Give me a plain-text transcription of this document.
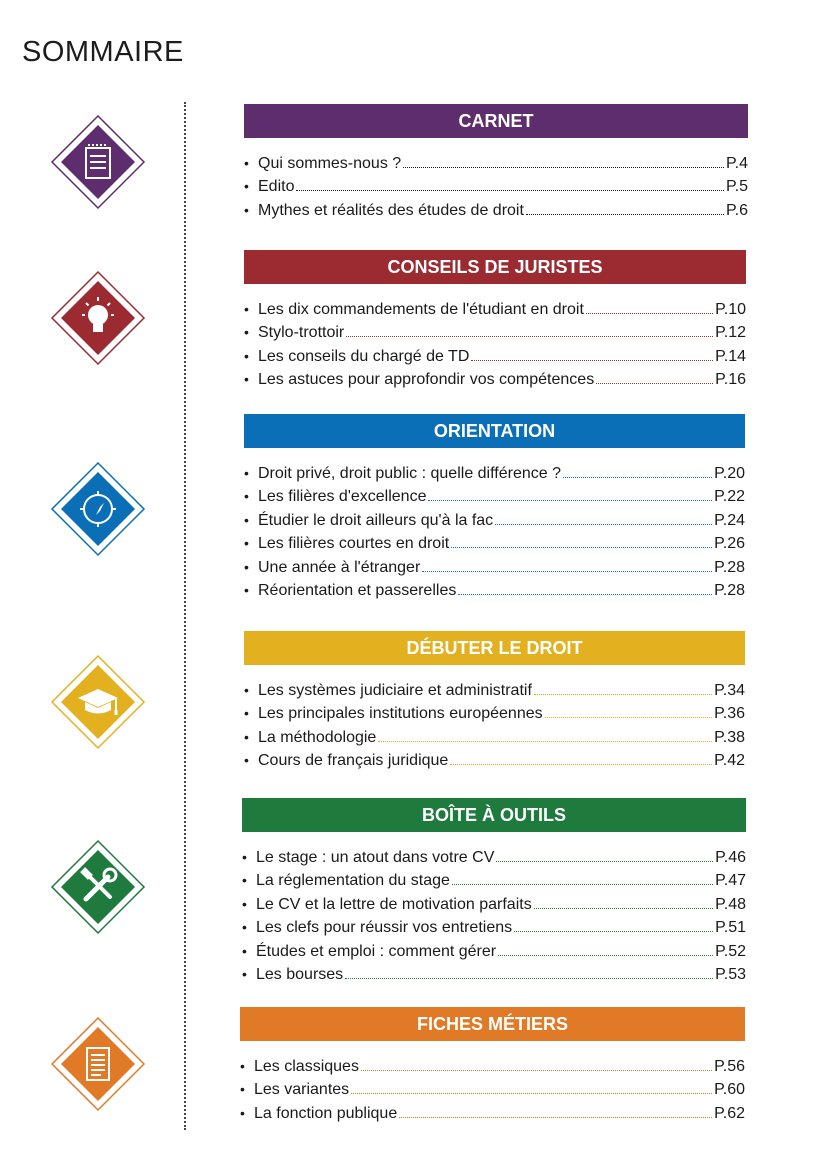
SOMMAIRE
CARNET
• Qui sommes-nous ?	P.4
• Edito	P.5
• Mythes et réalités des études de droit	P.6
CONSEILS DE JURISTES
• Les dix commandements de l'étudiant en droit	P.10
• Stylo-trottoir	P.12
• Les conseils du chargé de TD	P.14
• Les astuces pour approfondir vos compétences	P.16
ORIENTATION
• Droit privé, droit public : quelle différence ?	P.20
• Les filières d'excellence	P.22
• Étudier le droit ailleurs qu'à la fac	P.24
• Les filières courtes en droit	P.26
• Une année à l'étranger	P.28
• Réorientation et passerelles	P.28
DÉBUTER LE DROIT
• Les systèmes judiciaire et administratif	P.34
• Les principales institutions européennes	P.36
• La méthodologie	P.38
• Cours de français juridique	P.42
BOÎTE À OUTILS
• Le stage : un atout dans votre CV	P.46
• La réglementation du stage	P.47
• Le CV et la lettre de motivation parfaits	P.48
• Les clefs pour réussir vos entretiens	P.51
• Études et emploi : comment gérer	P.52
• Les bourses	P.53
FICHES MÉTIERS
• Les classiques	P.56
• Les variantes	P.60
• La fonction publique	P.62
